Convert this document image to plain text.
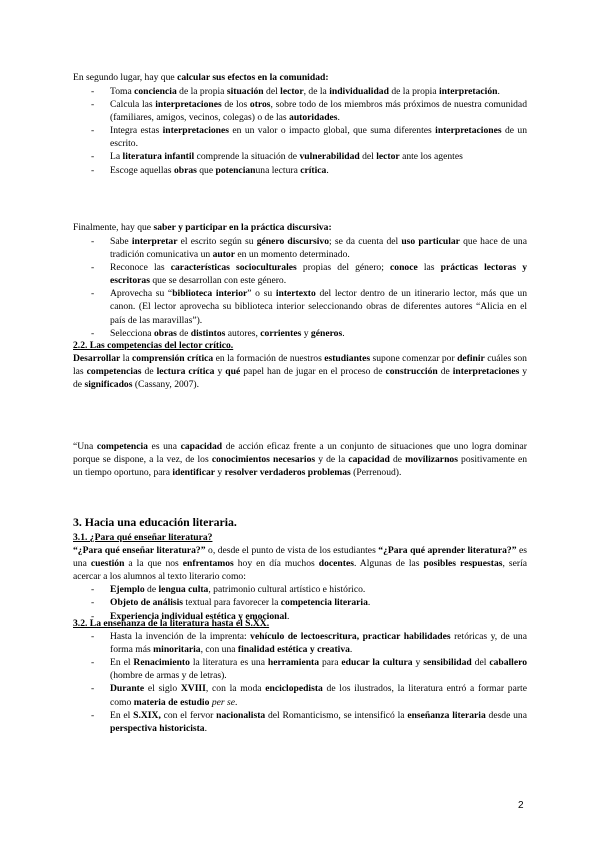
En segundo lugar, hay que calcular sus efectos en la comunidad:

- Toma conciencia de la propia situación del lector, de la individualidad de la propia interpretación.
- Calcula las interpretaciones de los otros, sobre todo de los miembros más próximos de nuestra comunidad (familiares, amigos, vecinos, colegas) o de las autoridades.
- Integra estas interpretaciones en un valor o impacto global, que suma diferentes interpretaciones de un escrito.
- La literatura infantil comprende la situación de vulnerabilidad del lector ante los agentes
- Escoge aquellas obras que potencianuna lectura crítica.

Finalmente, hay que saber y participar en la práctica discursiva:

- Sabe interpretar el escrito según su género discursivo; se da cuenta del uso particular que hace de una tradición comunicativa un autor en un momento determinado.
- Reconoce las características socioculturales propias del género; conoce las prácticas lectoras y escritoras que se desarrollan con este género.
- Aprovecha su “biblioteca interior” o su intertexto del lector dentro de un itinerario lector, más que un canon. (El lector aprovecha su biblioteca interior seleccionando obras de diferentes autores “Alicia en el país de las maravillas”).
- Selecciona obras de distintos autores, corrientes y géneros.

2.2. Las competencias del lector crítico.

Desarrollar la comprensión crítica en la formación de nuestros estudiantes supone comenzar por definir cuáles son las competencias de lectura crítica y qué papel han de jugar en el proceso de construcción de interpretaciones y de significados (Cassany, 2007).

“Una competencia es una capacidad de acción eficaz frente a un conjunto de situaciones que uno logra dominar porque se dispone, a la vez, de los conocimientos necesarios y de la capacidad de movilizarnos positivamente en un tiempo oportuno, para identificar y resolver verdaderos problemas (Perrenoud).

3. Hacia una educación literaria.

3.1. ¿Para qué enseñar literatura?

“¿Para qué enseñar literatura?” o, desde el punto de vista de los estudiantes “¿Para qué aprender literatura?” es una cuestión a la que nos enfrentamos hoy en día muchos docentes. Algunas de las posibles respuestas, sería acercar a los alumnos al texto literario como:

- Ejemplo de lengua culta, patrimonio cultural artístico e histórico.
- Objeto de análisis textual para favorecer la competencia literaria.
- Experiencia individual estética y emocional.

3.2. La enseñanza de la literatura hasta el S.XX.

- Hasta la invención de la imprenta: vehículo de lectoescritura, practicar habilidades retóricas y, de una forma más minoritaria, con una finalidad estética y creativa.
- En el Renacimiento la literatura es una herramienta para educar la cultura y sensibilidad del caballero (hombre de armas y de letras).
- Durante el siglo XVIII, con la moda enciclopedista de los ilustrados, la literatura entró a formar parte como materia de estudio per se.
- En el S.XIX, con el fervor nacionalista del Romanticismo, se intensificó la enseñanza literaria desde una perspectiva historicista.
2
